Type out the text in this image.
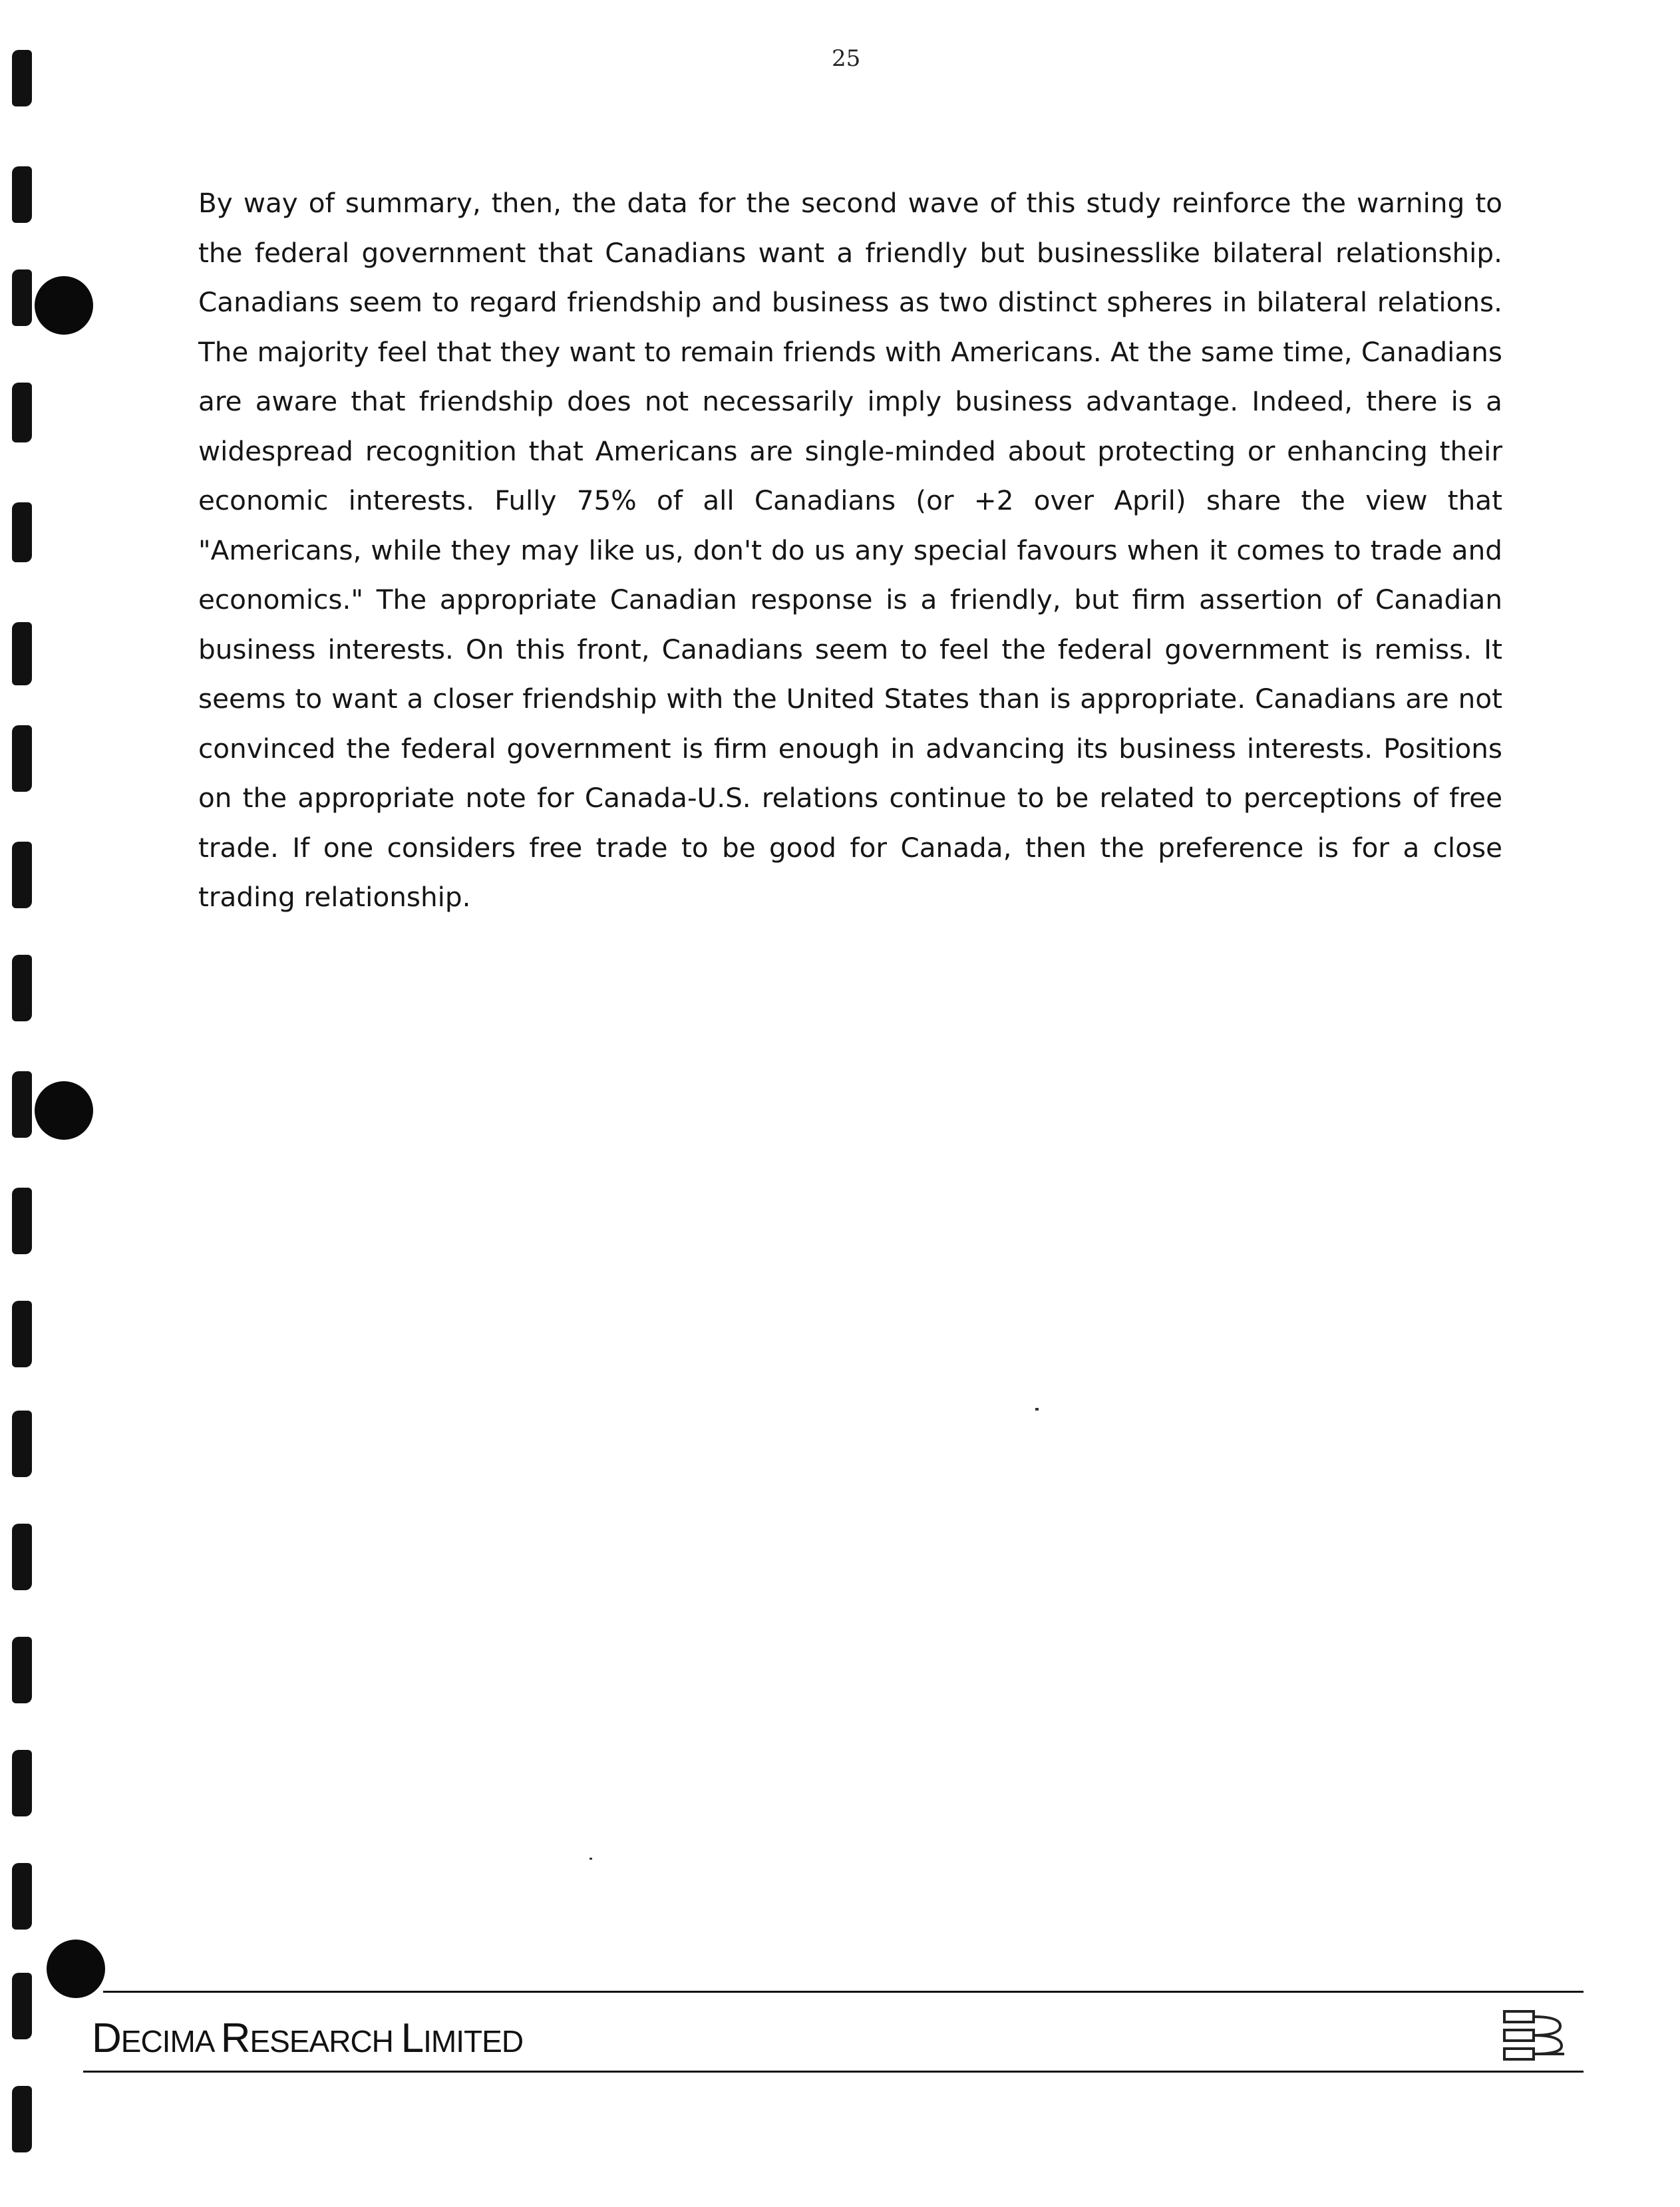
25

By way of summary, then, the data for the second wave of this study reinforce the warning to the federal government that Canadians want a friendly but businesslike bilateral relationship. Canadians seem to regard friendship and business as two distinct spheres in bilateral relations. The majority feel that they want to remain friends with Americans. At the same time, Canadians are aware that friendship does not necessarily imply business advantage. Indeed, there is a widespread recognition that Americans are single-minded about protecting or enhancing their economic interests. Fully 75% of all Canadians (or +2 over April) share the view that "Americans, while they may like us, don't do us any special favours when it comes to trade and economics." The appropriate Canadian response is a friendly, but firm assertion of Canadian business interests. On this front, Canadians seem to feel the federal government is remiss. It seems to want a closer friendship with the United States than is appropriate. Canadians are not convinced the federal government is firm enough in advancing its business interests. Positions on the appropriate note for Canada-U.S. relations continue to be related to perceptions of free trade. If one considers free trade to be good for Canada, then the preference is for a close trading relationship.

DECIMA RESEARCH LIMITED
